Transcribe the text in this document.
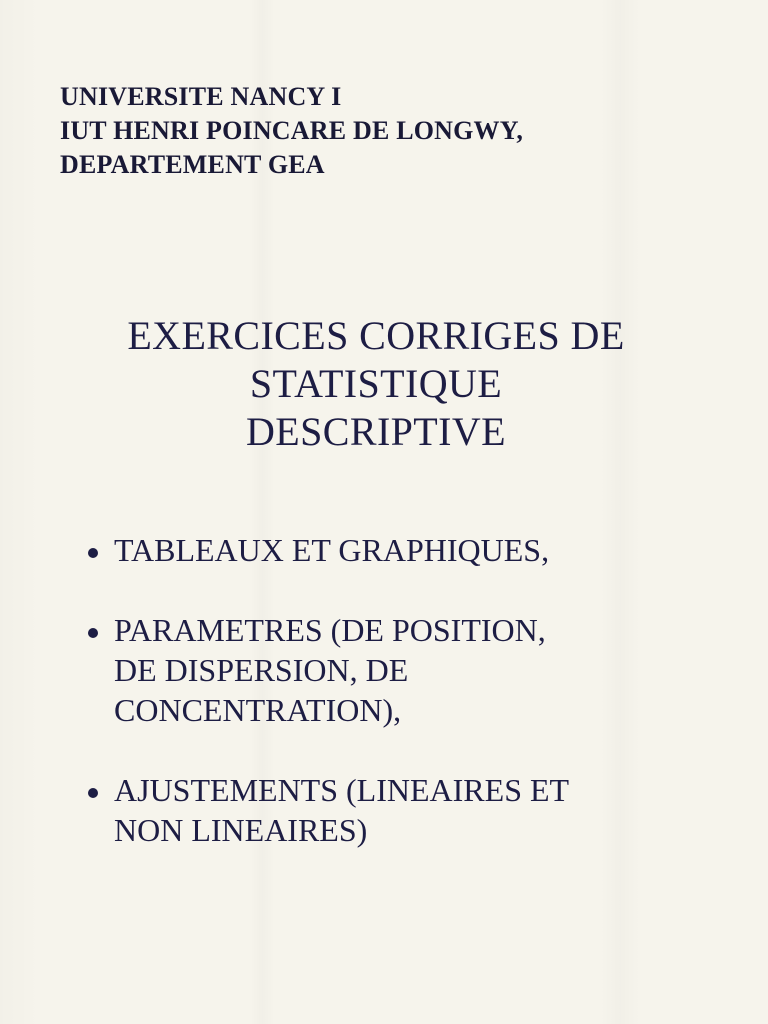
UNIVERSITE NANCY I
IUT HENRI POINCARE DE LONGWY,
DEPARTEMENT GEA
EXERCICES CORRIGES DE
STATISTIQUE
DESCRIPTIVE
TABLEAUX ET GRAPHIQUES,
PARAMETRES (DE POSITION,
DE DISPERSION, DE
CONCENTRATION),
AJUSTEMENTS (LINEAIRES ET
NON LINEAIRES)
